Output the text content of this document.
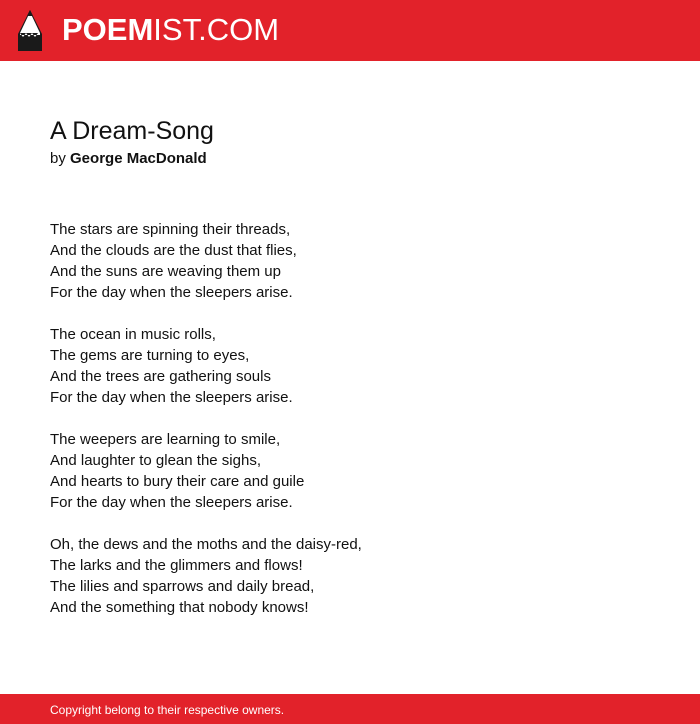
POEMIST.COM
A Dream-Song
by George MacDonald
The stars are spinning their threads,
And the clouds are the dust that flies,
And the suns are weaving them up
For the day when the sleepers arise.
The ocean in music rolls,
The gems are turning to eyes,
And the trees are gathering souls
For the day when the sleepers arise.
The weepers are learning to smile,
And laughter to glean the sighs,
And hearts to bury their care and guile
For the day when the sleepers arise.
Oh, the dews and the moths and the daisy-red,
The larks and the glimmers and flows!
The lilies and sparrows and daily bread,
And the something that nobody knows!
Copyright belong to their respective owners.
